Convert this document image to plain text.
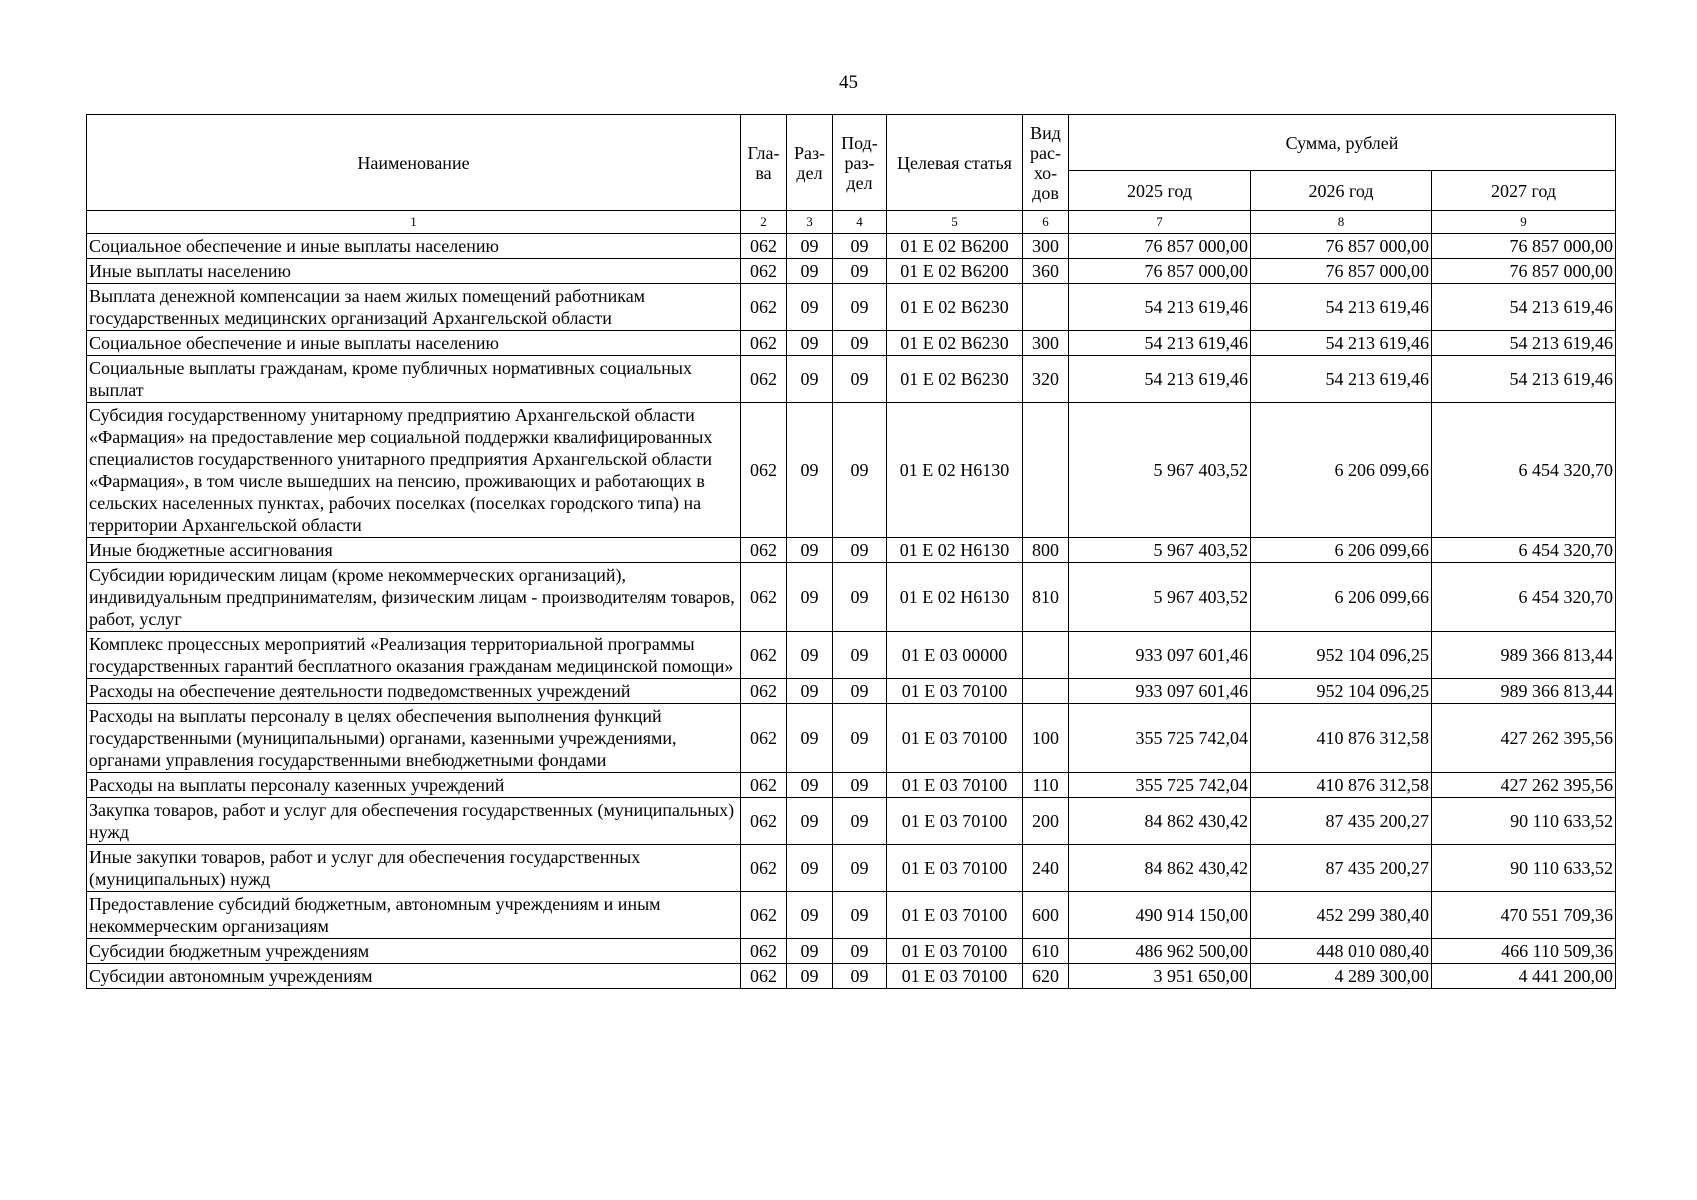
45
Наименование	Гла-ва	Раз-дел	Под-раз-дел	Целевая статья	Вид рас-хо-дов	Сумма, рублей		
						2025 год	2026 год	2027 год
1	2	3	4	5	6	7	8	9
Социальное обеспечение и иные выплаты населению	062	09	09	01 Е 02 В6200	300	76 857 000,00	76 857 000,00	76 857 000,00
Иные выплаты населению	062	09	09	01 Е 02 В6200	360	76 857 000,00	76 857 000,00	76 857 000,00
Выплата денежной компенсации за наем жилых помещений работникам государственных медицинских организаций Архангельской области	062	09	09	01 Е 02 В6230		54 213 619,46	54 213 619,46	54 213 619,46
Социальное обеспечение и иные выплаты населению	062	09	09	01 Е 02 В6230	300	54 213 619,46	54 213 619,46	54 213 619,46
Социальные выплаты гражданам, кроме публичных нормативных социальных выплат	062	09	09	01 Е 02 В6230	320	54 213 619,46	54 213 619,46	54 213 619,46
Субсидия государственному унитарному предприятию Архангельской области «Фармация» на предоставление мер социальной поддержки квалифицированных специалистов государственного унитарного предприятия Архангельской области «Фармация», в том числе вышедших на пенсию, проживающих и работающих в сельских населенных пунктах, рабочих поселках (поселках городского типа) на территории Архангельской области	062	09	09	01 Е 02 Н6130		5 967 403,52	6 206 099,66	6 454 320,70
Иные бюджетные ассигнования	062	09	09	01 Е 02 Н6130	800	5 967 403,52	6 206 099,66	6 454 320,70
Субсидии юридическим лицам (кроме некоммерческих организаций), индивидуальным предпринимателям, физическим лицам - производителям товаров, работ, услуг	062	09	09	01 Е 02 Н6130	810	5 967 403,52	6 206 099,66	6 454 320,70
Комплекс процессных мероприятий «Реализация территориальной программы государственных гарантий бесплатного оказания гражданам медицинской помощи»	062	09	09	01 Е 03 00000		933 097 601,46	952 104 096,25	989 366 813,44
Расходы на обеспечение деятельности подведомственных учреждений	062	09	09	01 Е 03 70100		933 097 601,46	952 104 096,25	989 366 813,44
Расходы на выплаты персоналу в целях обеспечения выполнения функций государственными (муниципальными) органами, казенными учреждениями, органами управления государственными внебюджетными фондами	062	09	09	01 Е 03 70100	100	355 725 742,04	410 876 312,58	427 262 395,56
Расходы на выплаты персоналу казенных учреждений	062	09	09	01 Е 03 70100	110	355 725 742,04	410 876 312,58	427 262 395,56
Закупка товаров, работ и услуг для обеспечения государственных (муниципальных) нужд	062	09	09	01 Е 03 70100	200	84 862 430,42	87 435 200,27	90 110 633,52
Иные закупки товаров, работ и услуг для обеспечения государственных (муниципальных) нужд	062	09	09	01 Е 03 70100	240	84 862 430,42	87 435 200,27	90 110 633,52
Предоставление субсидий бюджетным, автономным учреждениям и иным некоммерческим организациям	062	09	09	01 Е 03 70100	600	490 914 150,00	452 299 380,40	470 551 709,36
Субсидии бюджетным учреждениям	062	09	09	01 Е 03 70100	610	486 962 500,00	448 010 080,40	466 110 509,36
Субсидии автономным учреждениям	062	09	09	01 Е 03 70100	620	3 951 650,00	4 289 300,00	4 441 200,00
